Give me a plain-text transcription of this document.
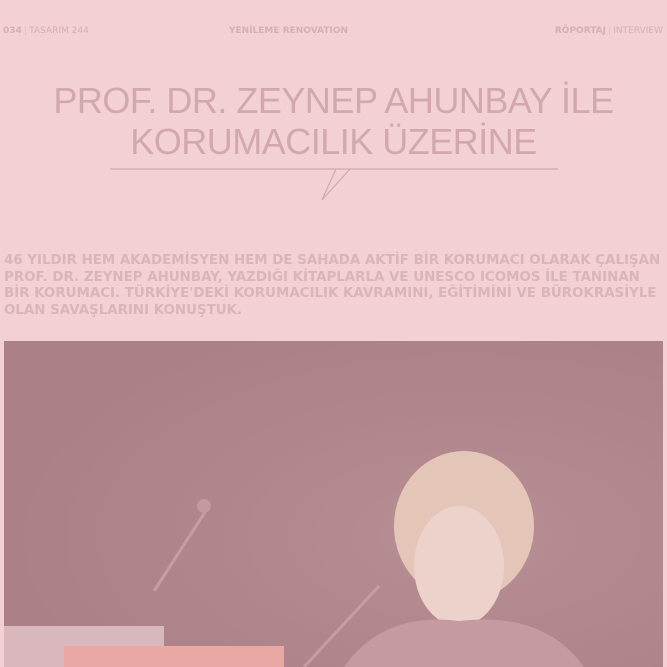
034 | TASARIM 244	YENİLEME RENOVATION	RÖPORTAJ | INTERVIEW
PROF. DR. ZEYNEP AHUNBAY İLE
KORUMACILIK ÜZERİNE
46 YILDIR HEM AKADEMİSYEN HEM DE SAHADA AKTİF BİR KORUMACI OLARAK ÇALIŞAN PROF. DR. ZEYNEP AHUNBAY, YAZDIĞI KİTAPLARLA VE UNESCO ICOMOS İLE TANINAN BİR KORUMACI. TÜRKİYE'DEKİ KORUMACILIK KAVRAMINI, EĞİTİMİNİ VE BÜROKRASİYLE OLAN SAVAŞLARINI KONUŞTUK.
